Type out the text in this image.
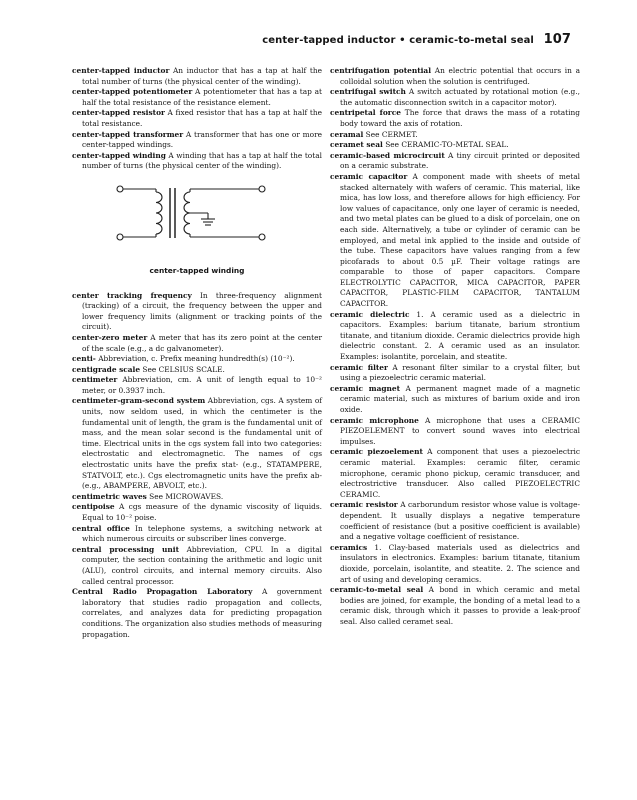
center-tapped inductor • ceramic-to-metal seal 107

center-tapped inductor An inductor that has a tap at half the total number of turns (the physical center of the winding).

center-tapped potentiometer A potentiometer that has a tap at half the total resistance of the resistance element.

center-tapped resistor A fixed resistor that has a tap at half the total resistance.

center-tapped transformer A transformer that has one or more center-tapped windings.

center-tapped winding A winding that has a tap at half the total number of turns (the physical center of the winding).

center-tapped winding

center tracking frequency In three-frequency alignment (tracking) of a circuit, the frequency between the upper and lower frequency limits (alignment or tracking points of the circuit).

center-zero meter A meter that has its zero point at the center of the scale (e.g., a dc galvanometer).

centi- Abbreviation, c. Prefix meaning hundredth(s) (10⁻²).

centigrade scale See CELSIUS SCALE.

centimeter Abbreviation, cm. A unit of length equal to 10⁻² meter, or 0.3937 inch.

centimeter-gram-second system Abbreviation, cgs. A system of units, now seldom used, in which the centimeter is the fundamental unit of length, the gram is the fundamental unit of mass, and the mean solar second is the fundamental unit of time. Electrical units in the cgs system fall into two categories: electrostatic and electromagnetic. The names of cgs electrostatic units have the prefix stat- (e.g., STATAMPERE, STATVOLT, etc.). Cgs electromagnetic units have the prefix ab- (e.g., ABAMPERE, ABVOLT, etc.).

centimetric waves See MICROWAVES.

centipoise A cgs measure of the dynamic viscosity of liquids. Equal to 10⁻² poise.

central office In telephone systems, a switching network at which numerous circuits or subscriber lines converge.

central processing unit Abbreviation, CPU. In a digital computer, the section containing the arithmetic and logic unit (ALU), control circuits, and internal memory circuits. Also called central processor.

Central Radio Propagation Laboratory A government laboratory that studies radio propagation and collects, correlates, and analyzes data for predicting propagation conditions. The organization also studies methods of measuring propagation.

centrifugation potential An electric potential that occurs in a colloidal solution when the solution is centrifuged.

centrifugal switch A switch actuated by rotational motion (e.g., the automatic disconnection switch in a capacitor motor).

centripetal force The force that draws the mass of a rotating body toward the axis of rotation.

ceramal See CERMET.

ceramet seal See CERAMIC-TO-METAL SEAL.

ceramic-based microcircuit A tiny circuit printed or deposited on a ceramic substrate.

ceramic capacitor A component made with sheets of metal stacked alternately with wafers of ceramic. This material, like mica, has low loss, and therefore allows for high efficiency. For low values of capacitance, only one layer of ceramic is needed, and two metal plates can be glued to a disk of porcelain, one on each side. Alternatively, a tube or cylinder of ceramic can be employed, and metal ink applied to the inside and outside of the tube. These capacitors have values ranging from a few picofarads to about 0.5 µF. Their voltage ratings are comparable to those of paper capacitors. Compare ELECTROLYTIC CAPACITOR, MICA CAPACITOR, PAPER CAPACITOR, PLASTIC-FILM CAPACITOR, TANTALUM CAPACITOR.

ceramic dielectric 1. A ceramic used as a dielectric in capacitors. Examples: barium titanate, barium strontium titanate, and titanium dioxide. Ceramic dielectrics provide high dielectric constant. 2. A ceramic used as an insulator. Examples: isolantite, porcelain, and steatite.

ceramic filter A resonant filter similar to a crystal filter, but using a piezoelectric ceramic material.

ceramic magnet A permanent magnet made of a magnetic ceramic material, such as mixtures of barium oxide and iron oxide.

ceramic microphone A microphone that uses a CERAMIC PIEZOELEMENT to convert sound waves into electrical impulses.

ceramic piezoelement A component that uses a piezoelectric ceramic material. Examples: ceramic filter, ceramic microphone, ceramic phono pickup, ceramic transducer, and electrostrictive transducer. Also called PIEZOELECTRIC CERAMIC.

ceramic resistor A carborundum resistor whose value is voltage-dependent. It usually displays a negative temperature coefficient of resistance (but a positive coefficient is available) and a negative voltage coefficient of resistance.

ceramics 1. Clay-based materials used as dielectrics and insulators in electronics. Examples: barium titanate, titanium dioxide, porcelain, isolantite, and steatite. 2. The science and art of using and developing ceramics.

ceramic-to-metal seal A bond in which ceramic and metal bodies are joined, for example, the bonding of a metal lead to a ceramic disk, through which it passes to provide a leak-proof seal. Also called ceramet seal.
